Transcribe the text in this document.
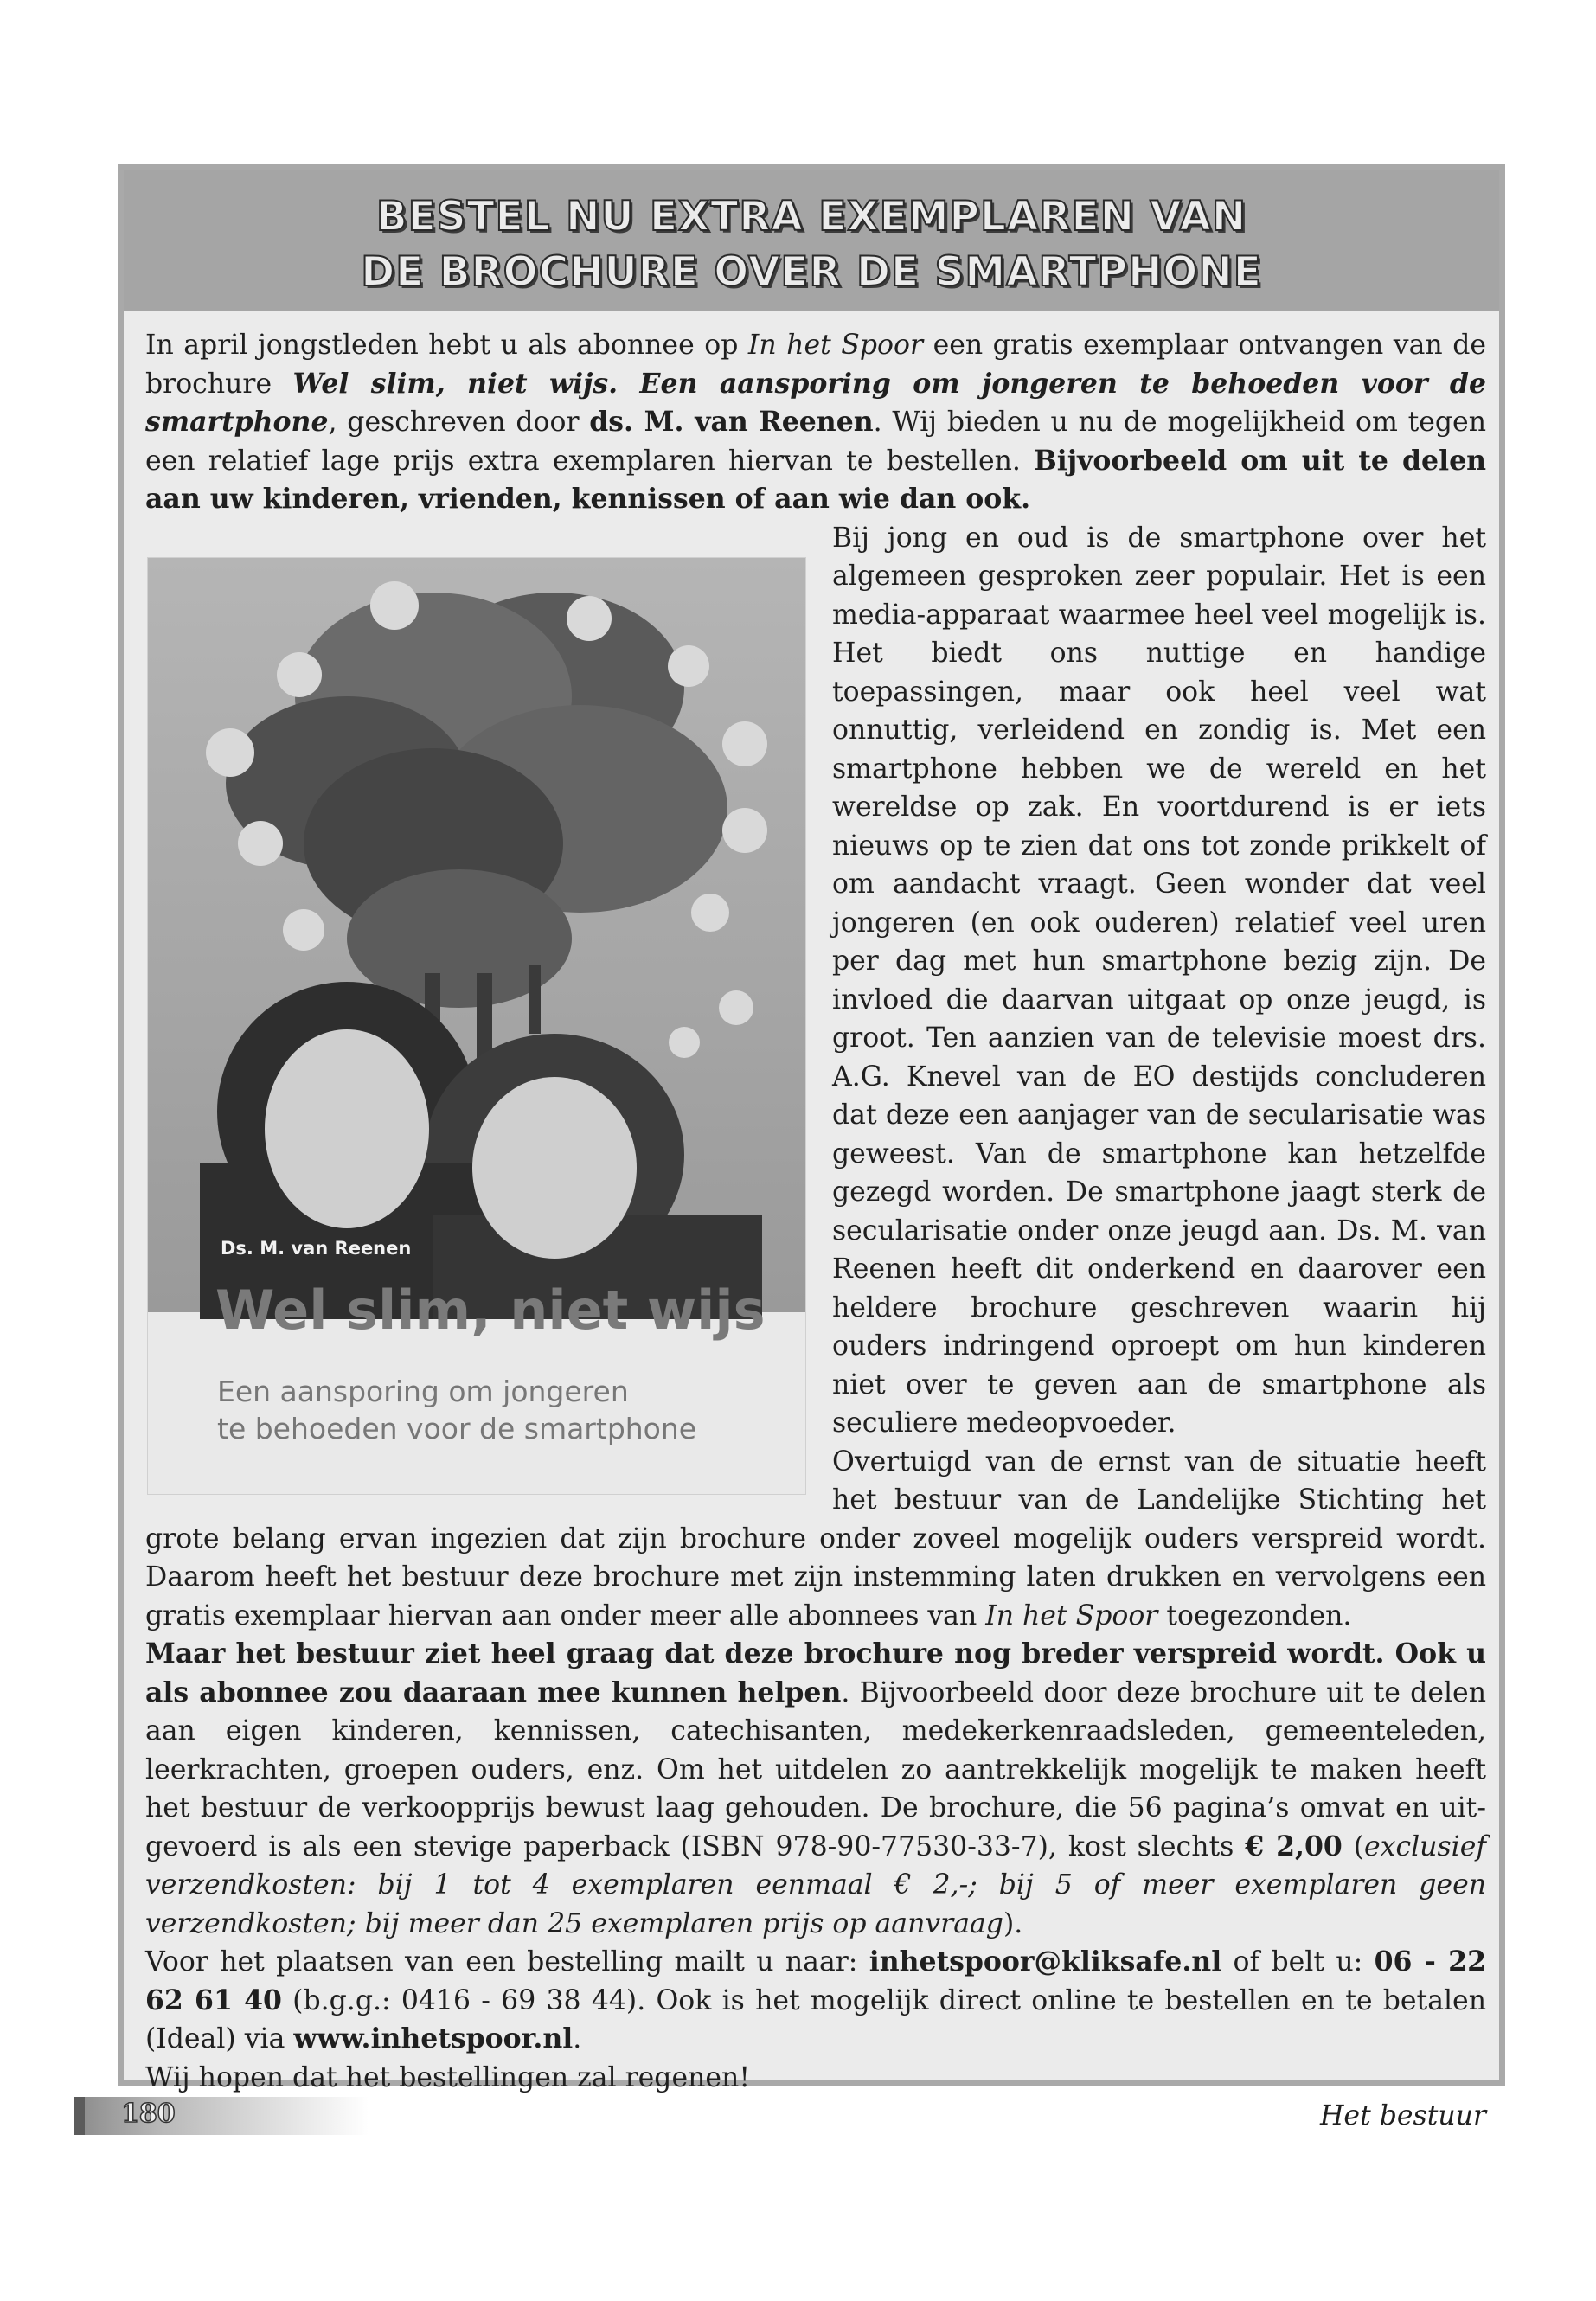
BESTEL NU EXTRA EXEMPLAREN VAN
DE BROCHURE OVER DE SMARTPHONE

In april jongstleden hebt u als abonnee op In het Spoor een gratis exemplaar ontvangen van de brochure Wel slim, niet wijs. Een aansporing om jongeren te behoeden voor de smartphone, geschreven door ds. M. van Reenen. Wij bieden u nu de mogelijkheid om tegen een relatief lage prijs extra exemplaren hiervan te bestellen. Bijvoorbeeld om uit te delen aan uw kinderen, vrienden, kennissen of aan wie dan ook.

Ds. M. van Reenen
Wel slim, niet wijs
Een aansporing om jongeren
te behoeden voor de smartphone

Bij jong en oud is de smartphone over het algemeen gesproken zeer populair. Het is een media-apparaat waarmee heel veel mogelijk is. Het biedt ons nuttige en handige toepassingen, maar ook heel veel wat onnuttig, verleidend en zondig is. Met een smartphone hebben we de wereld en het wereldse op zak. En voortdurend is er iets nieuws op te zien dat ons tot zonde prikkelt of om aandacht vraagt. Geen wonder dat veel jongeren (en ook ouderen) relatief veel uren per dag met hun smartphone bezig zijn. De invloed die daarvan uitgaat op onze jeugd, is groot. Ten aanzien van de televisie moest drs. A.G. Knevel van de EO destijds concluderen dat deze een aanjager van de secularisatie was geweest. Van de smartphone kan hetzelfde gezegd worden. De smartphone jaagt sterk de secularisatie onder onze jeugd aan. Ds. M. van Reenen heeft dit onderkend en daarover een heldere brochure geschreven waarin hij ouders indringend oproept om hun kinderen niet over te geven aan de smartphone als seculiere medeopvoeder.

Overtuigd van de ernst van de situatie heeft het bestuur van de Landelijke Stichting het grote belang ervan ingezien dat zijn brochure onder zoveel mogelijk ouders verspreid wordt. Daarom heeft het bestuur deze brochure met zijn instemming laten drukken en vervolgens een gratis exemplaar hiervan aan onder meer alle abonnees van In het Spoor toegezonden.

Maar het bestuur ziet heel graag dat deze brochure nog breder verspreid wordt. Ook u als abonnee zou daaraan mee kunnen helpen. Bijvoorbeeld door deze brochure uit te delen aan eigen kinderen, kennissen, catechisanten, medekerkenraadsleden, gemeenteleden, leerkrachten, groepen ouders, enz. Om het uitdelen zo aantrekkelijk mogelijk te maken heeft het bestuur de verkoopprijs bewust laag gehouden. De brochure, die 56 pagina’s omvat en uitgevoerd is als een stevige paperback (ISBN 978-90-77530-33-7), kost slechts € 2,00 (exclusief verzendkosten: bij 1 tot 4 exemplaren eenmaal € 2,-; bij 5 of meer exemplaren geen verzendkosten; bij meer dan 25 exemplaren prijs op aanvraag).

Voor het plaatsen van een bestelling mailt u naar: inhetspoor@kliksafe.nl of belt u: 06 - 22 62 61 40 (b.g.g.: 0416 - 69 38 44). Ook is het mogelijk direct online te bestellen en te betalen (Ideal) via www.inhetspoor.nl.

Wij hopen dat het bestellingen zal regenen!

Het bestuur

180
